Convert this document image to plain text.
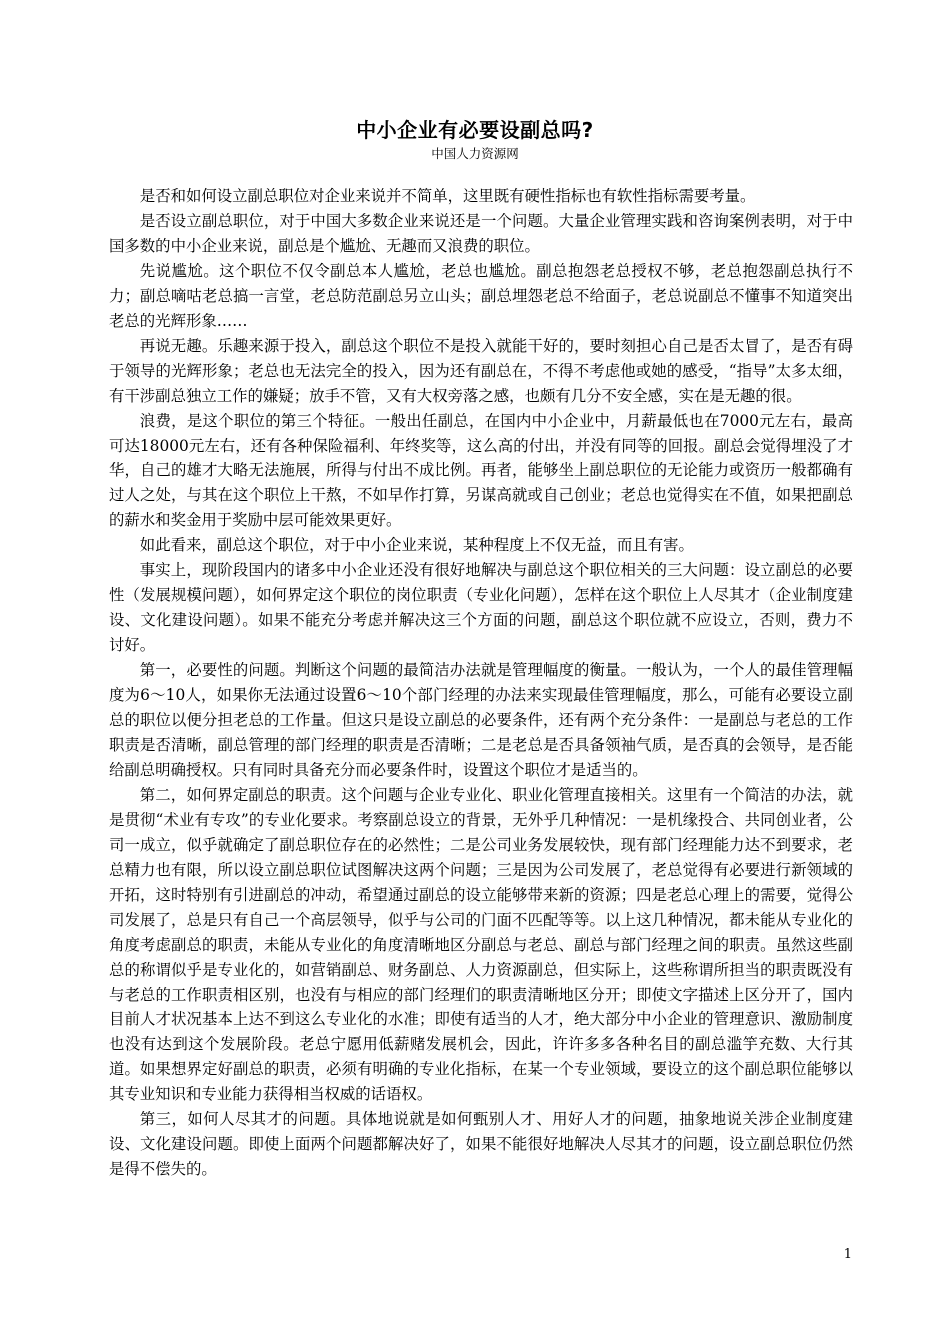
中小企业有必要设副总吗?
中国人力资源网

是否和如何设立副总职位对企业来说并不简单，这里既有硬性指标也有软性指标需要考量。

是否设立副总职位，对于中国大多数企业来说还是一个问题。大量企业管理实践和咨询案例表明，对于中国多数的中小企业来说，副总是个尴尬、无趣而又浪费的职位。

先说尴尬。这个职位不仅令副总本人尴尬，老总也尴尬。副总抱怨老总授权不够，老总抱怨副总执行不力；副总嘀咕老总搞一言堂，老总防范副总另立山头；副总埋怨老总不给面子，老总说副总不懂事不知道突出老总的光辉形象……

再说无趣。乐趣来源于投入，副总这个职位不是投入就能干好的，要时刻担心自己是否太冒了，是否有碍于领导的光辉形象；老总也无法完全的投入，因为还有副总在，不得不考虑他或她的感受，“指导”太多太细，有干涉副总独立工作的嫌疑；放手不管，又有大权旁落之感，也颇有几分不安全感，实在是无趣的很。

浪费，是这个职位的第三个特征。一般出任副总，在国内中小企业中，月薪最低也在7000元左右，最高可达18000元左右，还有各种保险福利、年终奖等，这么高的付出，并没有同等的回报。副总会觉得埋没了才华，自己的雄才大略无法施展，所得与付出不成比例。再者，能够坐上副总职位的无论能力或资历一般都确有过人之处，与其在这个职位上干熬，不如早作打算，另谋高就或自己创业；老总也觉得实在不值，如果把副总的薪水和奖金用于奖励中层可能效果更好。

如此看来，副总这个职位，对于中小企业来说，某种程度上不仅无益，而且有害。

事实上，现阶段国内的诸多中小企业还没有很好地解决与副总这个职位相关的三大问题：设立副总的必要性（发展规模问题），如何界定这个职位的岗位职责（专业化问题），怎样在这个职位上人尽其才（企业制度建设、文化建设问题）。如果不能充分考虑并解决这三个方面的问题，副总这个职位就不应设立，否则，费力不讨好。

第一，必要性的问题。判断这个问题的最简洁办法就是管理幅度的衡量。一般认为，一个人的最佳管理幅度为6～10人，如果你无法通过设置6～10个部门经理的办法来实现最佳管理幅度，那么，可能有必要设立副总的职位以便分担老总的工作量。但这只是设立副总的必要条件，还有两个充分条件：一是副总与老总的工作职责是否清晰，副总管理的部门经理的职责是否清晰；二是老总是否具备领袖气质，是否真的会领导，是否能给副总明确授权。只有同时具备充分而必要条件时，设置这个职位才是适当的。

第二，如何界定副总的职责。这个问题与企业专业化、职业化管理直接相关。这里有一个简洁的办法，就是贯彻“术业有专攻”的专业化要求。考察副总设立的背景，无外乎几种情况：一是机缘投合、共同创业者，公司一成立，似乎就确定了副总职位存在的必然性；二是公司业务发展较快，现有部门经理能力达不到要求，老总精力也有限，所以设立副总职位试图解决这两个问题；三是因为公司发展了，老总觉得有必要进行新领域的开拓，这时特别有引进副总的冲动，希望通过副总的设立能够带来新的资源；四是老总心理上的需要，觉得公司发展了，总是只有自己一个高层领导，似乎与公司的门面不匹配等等。以上这几种情况，都未能从专业化的角度考虑副总的职责，未能从专业化的角度清晰地区分副总与老总、副总与部门经理之间的职责。虽然这些副总的称谓似乎是专业化的，如营销副总、财务副总、人力资源副总，但实际上，这些称谓所担当的职责既没有与老总的工作职责相区别，也没有与相应的部门经理们的职责清晰地区分开；即使文字描述上区分开了，国内目前人才状况基本上达不到这么专业化的水准；即使有适当的人才，绝大部分中小企业的管理意识、激励制度也没有达到这个发展阶段。老总宁愿用低薪赌发展机会，因此，许许多多各种名目的副总滥竽充数、大行其道。如果想界定好副总的职责，必须有明确的专业化指标，在某一个专业领域，要设立的这个副总职位能够以其专业知识和专业能力获得相当权威的话语权。

第三，如何人尽其才的问题。具体地说就是如何甄别人才、用好人才的问题，抽象地说关涉企业制度建设、文化建设问题。即使上面两个问题都解决好了，如果不能很好地解决人尽其才的问题，设立副总职位仍然是得不偿失的。

1
